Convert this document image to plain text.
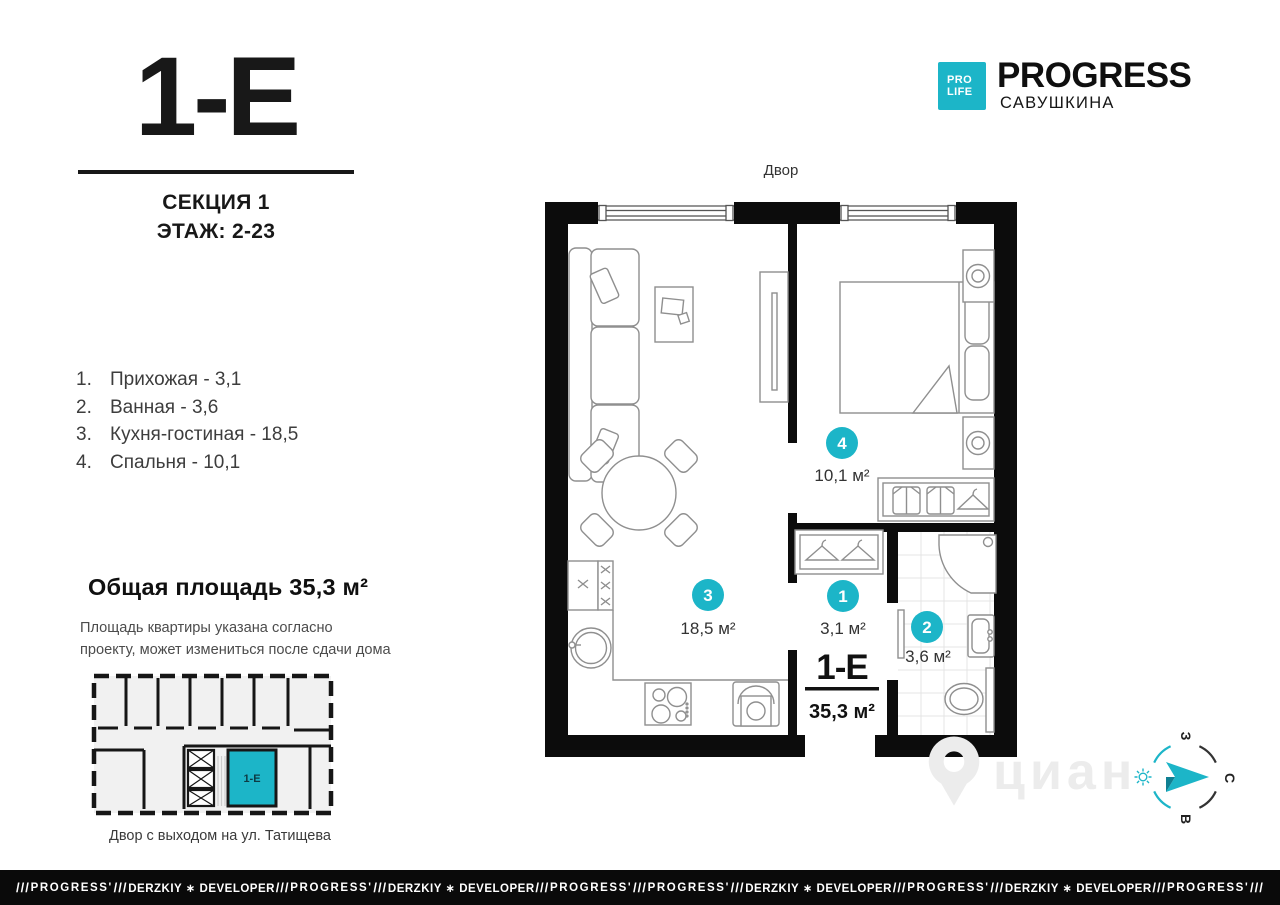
1-Е
СЕКЦИЯ 1
ЭТАЖ: 2-23
1. Прихожая - 3,1
2. Ванная - 3,6
3. Кухня-гостиная - 18,5
4. Спальня - 10,1
Общая площадь 35,3 м²
Площадь квартиры указана согласно
проекту, может измениться после сдачи дома
1-Е
Двор с выходом на ул. Татищева
PRO
LIFE PROGRESS
САВУШКИНА
Двор
1
3,1 м²	2
3,6 м²
3
18,5 м²
4
10,1 м²
1-Е
35,3 м²
циан
З
С
В
/// PROGRESS' /// DERZKIY ∗ DEVELOPER /// PROGRESS' /// DERZKIY ∗ DEVELOPER /// PROGRESS' /// PROGRESS' /// DERZKIY ∗ DEVELOPER /// PROGRESS' /// DERZKIY ∗ DEVELOPER /// PROGRESS' ///
